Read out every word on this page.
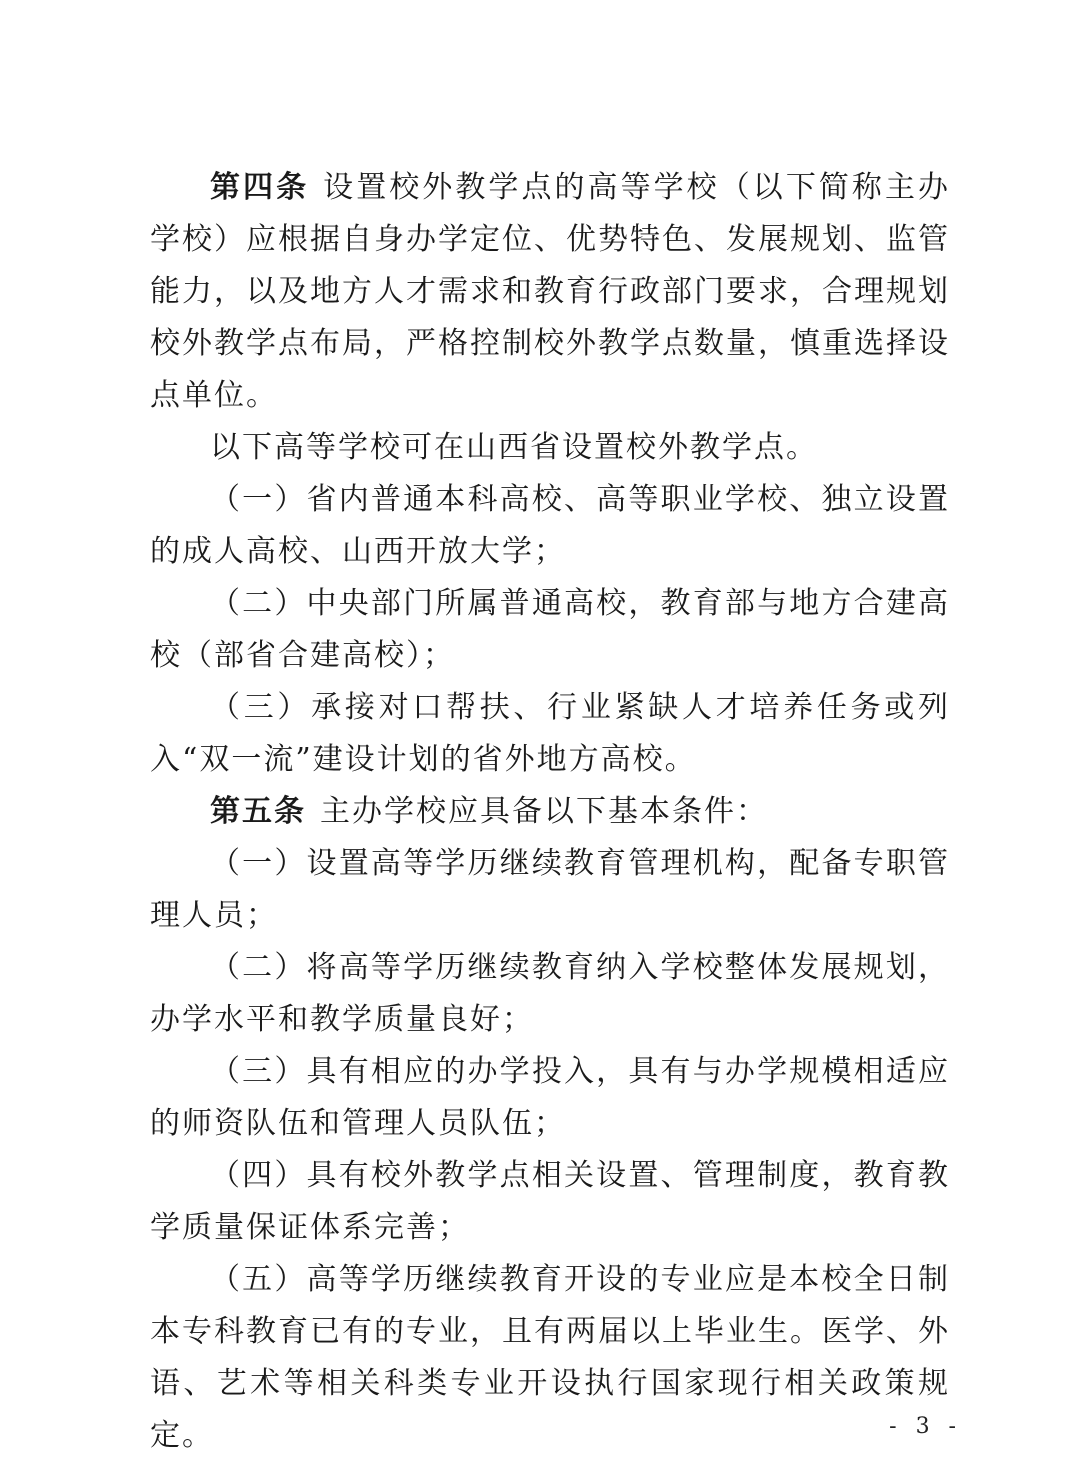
第四条 设置校外教学点的高等学校（以下简称主办学校）应根据自身办学定位、优势特色、发展规划、监管能力，以及地方人才需求和教育行政部门要求，合理规划校外教学点布局，严格控制校外教学点数量，慎重选择设点单位。

以下高等学校可在山西省设置校外教学点。

（一）省内普通本科高校、高等职业学校、独立设置的成人高校、山西开放大学；

（二）中央部门所属普通高校，教育部与地方合建高校（部省合建高校）；

（三）承接对口帮扶、行业紧缺人才培养任务或列入“双一流”建设计划的省外地方高校。

第五条 主办学校应具备以下基本条件：

（一）设置高等学历继续教育管理机构，配备专职管理人员；

（二）将高等学历继续教育纳入学校整体发展规划，办学水平和教学质量良好；

（三）具有相应的办学投入，具有与办学规模相适应的师资队伍和管理人员队伍；

（四）具有校外教学点相关设置、管理制度，教育教学质量保证体系完善；

（五）高等学历继续教育开设的专业应是本校全日制本专科教育已有的专业，且有两届以上毕业生。医学、外语、艺术等相关科类专业开设执行国家现行相关政策规定。	- 3 -
